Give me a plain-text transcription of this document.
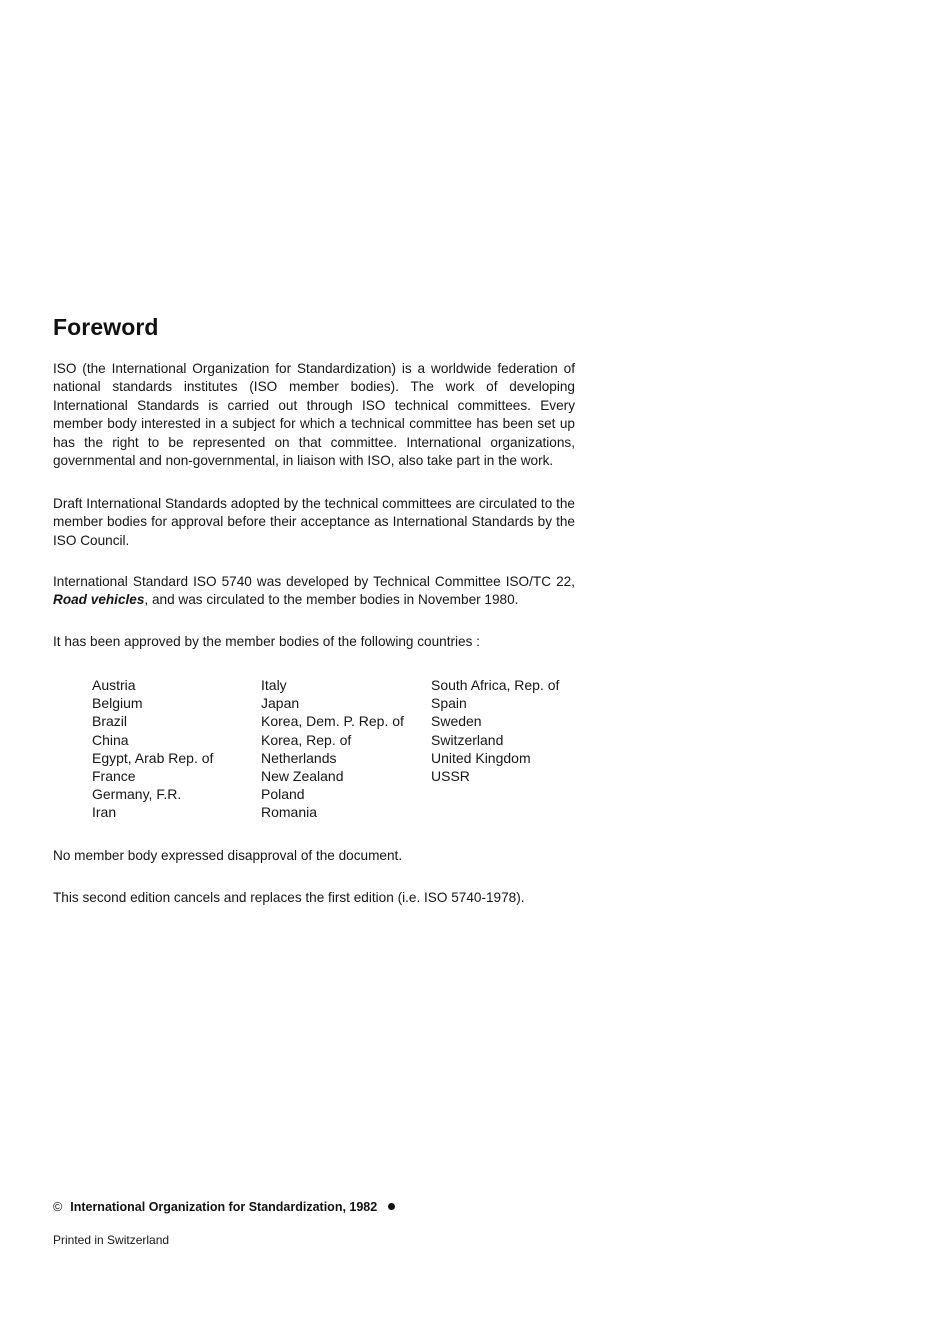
Foreword

ISO (the International Organization for Standardization) is a worldwide federation of national standards institutes (ISO member bodies). The work of developing International Standards is carried out through ISO technical committees. Every member body interested in a subject for which a technical committee has been set up has the right to be represented on that committee. International organizations, governmental and non-governmental, in liaison with ISO, also take part in the work.

Draft International Standards adopted by the technical committees are circulated to the member bodies for approval before their acceptance as International Standards by the ISO Council.

International Standard ISO 5740 was developed by Technical Committee ISO/TC 22, Road vehicles, and was circulated to the member bodies in November 1980.

It has been approved by the member bodies of the following countries :

Austria
Belgium
Brazil
China
Egypt, Arab Rep. of
France
Germany, F.R.
Iran
Italy
Japan
Korea, Dem. P. Rep. of
Korea, Rep. of
Netherlands
New Zealand
Poland
Romania
South Africa, Rep. of
Spain
Sweden
Switzerland
United Kingdom
USSR

No member body expressed disapproval of the document.

This second edition cancels and replaces the first edition (i.e. ISO 5740-1978).

© International Organization for Standardization, 1982
Printed in Switzerland
